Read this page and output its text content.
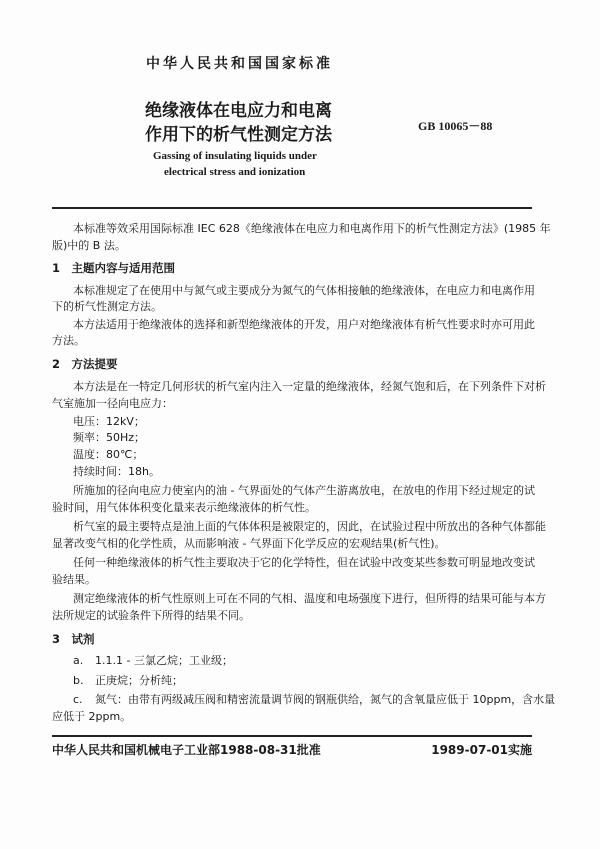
中华人民共和国国家标准
绝缘液体在电应力和电离
作用下的析气性测定方法	GB 10065－88
Gassing of insulating liquids under
electrical stress and ionization
本标准等效采用国际标准 IEC 628《绝缘液体在电应力和电离作用下的析气性测定方法》(1985 年
版)中的 B 法。
1　主题内容与适用范围
本标准规定了在使用中与氮气或主要成分为氮气的气体相接触的绝缘液体，在电应力和电离作用
下的析气性测定方法。
本方法适用于绝缘液体的选择和新型绝缘液体的开发，用户对绝缘液体有析气性要求时亦可用此
方法。
2　方法提要
本方法是在一特定几何形状的析气室内注入一定量的绝缘液体，经氮气饱和后，在下列条件下对析
气室施加一径向电应力：
电压：12kV；
频率：50Hz；
温度：80℃；
持续时间：18h。
所施加的径向电应力使室内的油 - 气界面处的气体产生游离放电，在放电的作用下经过规定的试
验时间，用气体体积变化量来表示绝缘液体的析气性。
析气室的最主要特点是油上面的气体体积是被限定的，因此，在试验过程中所放出的各种气体都能
显著改变气相的化学性质，从而影响液 - 气界面下化学反应的宏观结果(析气性)。
任何一种绝缘液体的析气性主要取决于它的化学特性，但在试验中改变某些参数可明显地改变试
验结果。
测定绝缘液体的析气性原则上可在不同的气相、温度和电场强度下进行，但所得的结果可能与本方
法所规定的试验条件下所得的结果不同。
3　试剂
a. 1.1.1 - 三氯乙烷；工业级；
b. 正庚烷；分析纯；
c. 氮气：由带有两级减压阀和精密流量调节阀的钢瓶供给，氮气的含氧量应低于 10ppm，含水量
应低于 2ppm。
中华人民共和国机械电子工业部1988-08-31批准	1989-07-01实施
